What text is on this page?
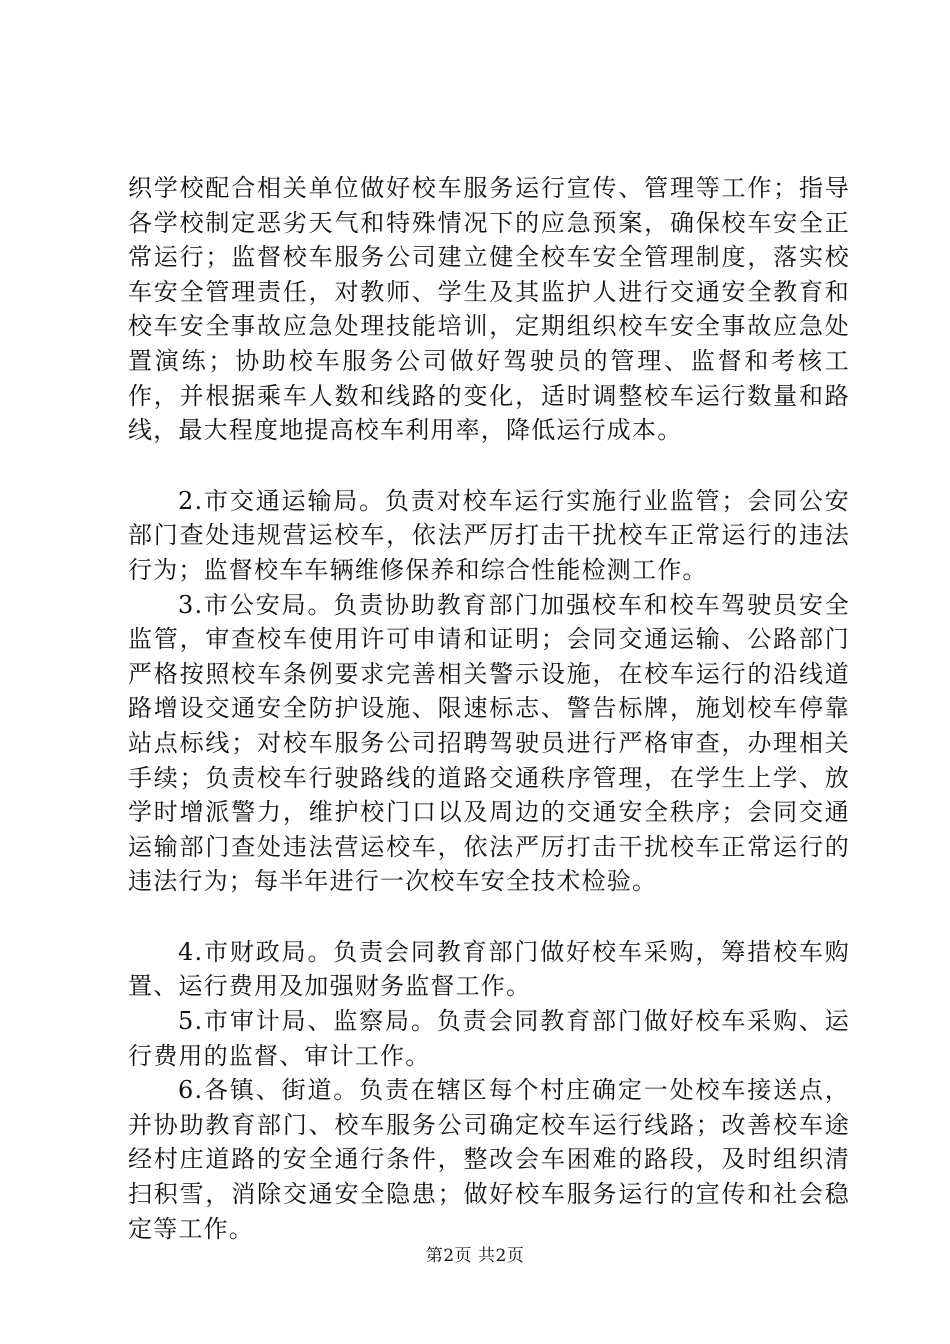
织学校配合相关单位做好校车服务运行宣传、管理等工作；指导各学校制定恶劣天气和特殊情况下的应急预案，确保校车安全正常运行；监督校车服务公司建立健全校车安全管理制度，落实校车安全管理责任，对教师、学生及其监护人进行交通安全教育和校车安全事故应急处理技能培训，定期组织校车安全事故应急处置演练；协助校车服务公司做好驾驶员的管理、监督和考核工作，并根据乘车人数和线路的变化，适时调整校车运行数量和路线，最大程度地提高校车利用率，降低运行成本。

2.市交通运输局。负责对校车运行实施行业监管；会同公安部门查处违规营运校车，依法严厉打击干扰校车正常运行的违法行为；监督校车车辆维修保养和综合性能检测工作。

3.市公安局。负责协助教育部门加强校车和校车驾驶员安全监管，审查校车使用许可申请和证明；会同交通运输、公路部门严格按照校车条例要求完善相关警示设施，在校车运行的沿线道路增设交通安全防护设施、限速标志、警告标牌，施划校车停靠站点标线；对校车服务公司招聘驾驶员进行严格审查，办理相关手续；负责校车行驶路线的道路交通秩序管理，在学生上学、放学时增派警力，维护校门口以及周边的交通安全秩序；会同交通运输部门查处违法营运校车，依法严厉打击干扰校车正常运行的违法行为；每半年进行一次校车安全技术检验。

4.市财政局。负责会同教育部门做好校车采购，筹措校车购置、运行费用及加强财务监督工作。

5.市审计局、监察局。负责会同教育部门做好校车采购、运行费用的监督、审计工作。

6.各镇、街道。负责在辖区每个村庄确定一处校车接送点，并协助教育部门、校车服务公司确定校车运行线路；改善校车途经村庄道路的安全通行条件，整改会车困难的路段，及时组织清扫积雪，消除交通安全隐患；做好校车服务运行的宣传和社会稳定等工作。

第2页 共2页
